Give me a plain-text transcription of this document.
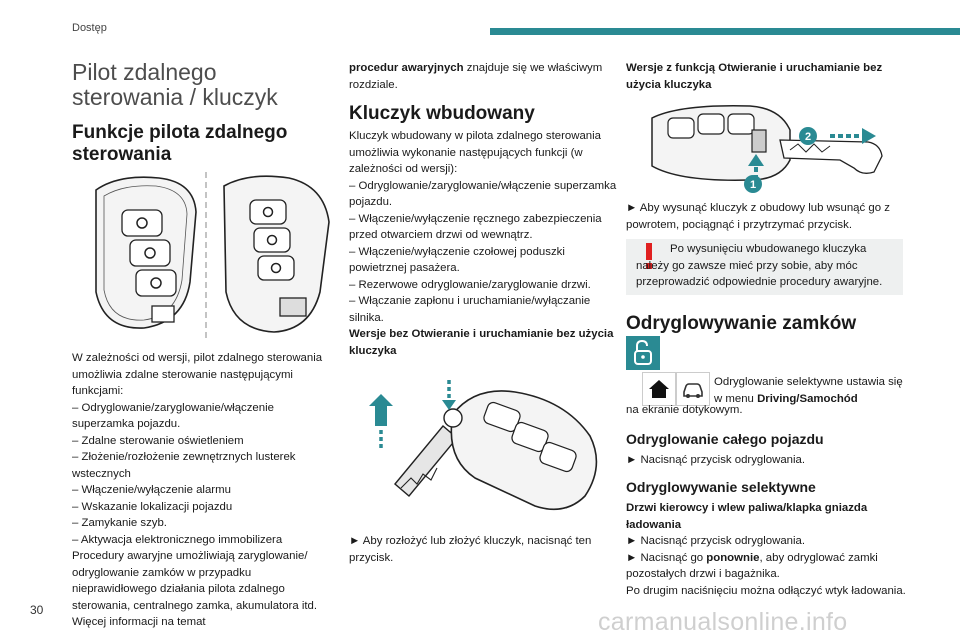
Dostęp
Pilot zdalnego sterowania / kluczyk
Funkcje pilota zdalnego sterowania

W zależności od wersji, pilot zdalnego sterowania umożliwia zdalne sterowanie następującymi funkcjami:

– Odryglowanie/zaryglowanie/włączenie superzamka pojazdu.

– Zdalne sterowanie oświetleniem

– Złożenie/rozłożenie zewnętrznych lusterek wstecznych

– Włączenie/wyłączenie alarmu

– Wskazanie lokalizacji pojazdu

– Zamykanie szyb.

– Aktywacja elektronicznego immobilizera

Procedury awaryjne umożliwiają zaryglowanie/ odryglowanie zamków w przypadku nieprawidłowego działania pilota zdalnego sterowania, centralnego zamka, akumulatora itd. Więcej informacji na temat

procedur awaryjnych znajduje się we właściwym rozdziale.
Kluczyk wbudowany

Kluczyk wbudowany w pilota zdalnego sterowania umożliwia wykonanie następujących funkcji (w zależności od wersji):

– Odryglowanie/zaryglowanie/włączenie superzamka pojazdu.

– Włączenie/wyłączenie ręcznego zabezpieczenia przed otwarciem drzwi od wewnątrz.

– Włączenie/wyłączenie czołowej poduszki powietrznej pasażera.

– Rezerwowe odryglowanie/zaryglowanie drzwi.

– Włączanie zapłonu i uruchamianie/wyłączanie silnika.

Wersje bez Otwieranie i uruchamianie bez użycia kluczyka

► Aby rozłożyć lub złożyć kluczyk, nacisnąć ten przycisk.
Wersje z funkcją Otwieranie i uruchamianie bez użycia kluczyka
1
2
► Aby wysunąć kluczyk z obudowy lub wsunąć go z powrotem, pociągnąć i przytrzymać przycisk.
Po wysunięciu wbudowanego kluczyka należy go zawsze mieć przy sobie, aby móc przeprowadzić odpowiednie procedury awaryjne.
Odryglowywanie zamków
Odryglowanie selektywne ustawia się w menu Driving/Samochód
na ekranie dotykowym.
Odryglowanie całego pojazdu
► Nacisnąć przycisk odryglowania.
Odryglowywanie selektywne

Drzwi kierowcy i wlew paliwa/klapka gniazda ładowania

► Nacisnąć przycisk odryglowania.

► Nacisnąć go ponownie, aby odryglować zamki pozostałych drzwi i bagażnika.

Po drugim naciśnięciu można odłączyć wtyk ładowania.

30	carmanualsonline.info
